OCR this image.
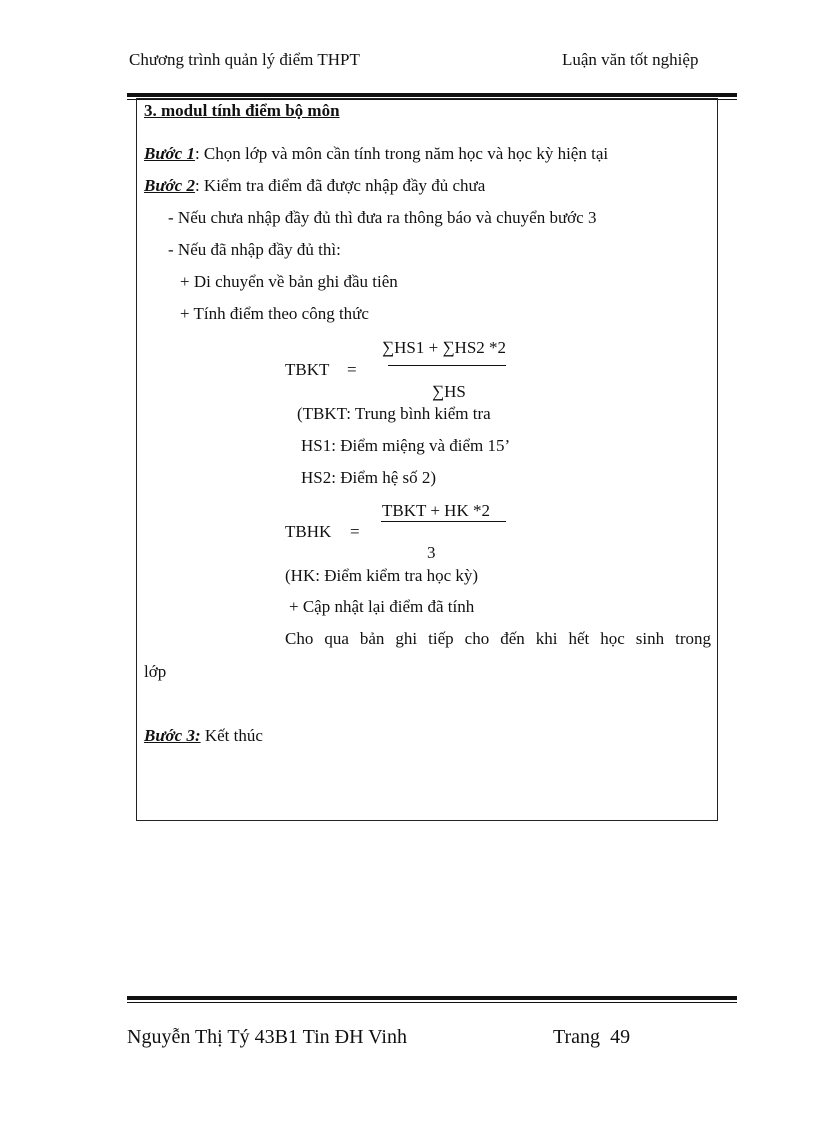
Chương trình quản lý điểm THPT	Luận văn tốt nghiệp
3. modul tính điểm bộ môn
Bước 1: Chọn lớp và môn cần tính trong năm học và học kỳ hiện tại
Bước 2: Kiểm tra điểm đã được nhập đầy đủ chưa
- Nếu chưa nhập đầy đủ thì đưa ra thông báo và chuyển bước 3
- Nếu đã nhập đầy đủ thì:
+ Di chuyển về bản ghi đầu tiên
+ Tính điểm theo công thức
TBKT =
∑HS1 + ∑HS2 *2
∑HS
(TBKT: Trung bình kiểm tra
HS1: Điểm miệng và điểm 15’
HS2: Điểm hệ số 2)
TBKT + HK *2
TBHK =
3
(HK: Điểm kiểm tra học kỳ)
+ Cập nhật lại điểm đã tính
Cho qua bản ghi tiếp cho đến khi hết học sinh trong
lớp
Bước 3: Kết thúc
Nguyễn Thị Tý 43B1 Tin ĐH Vinh	Trang 49
